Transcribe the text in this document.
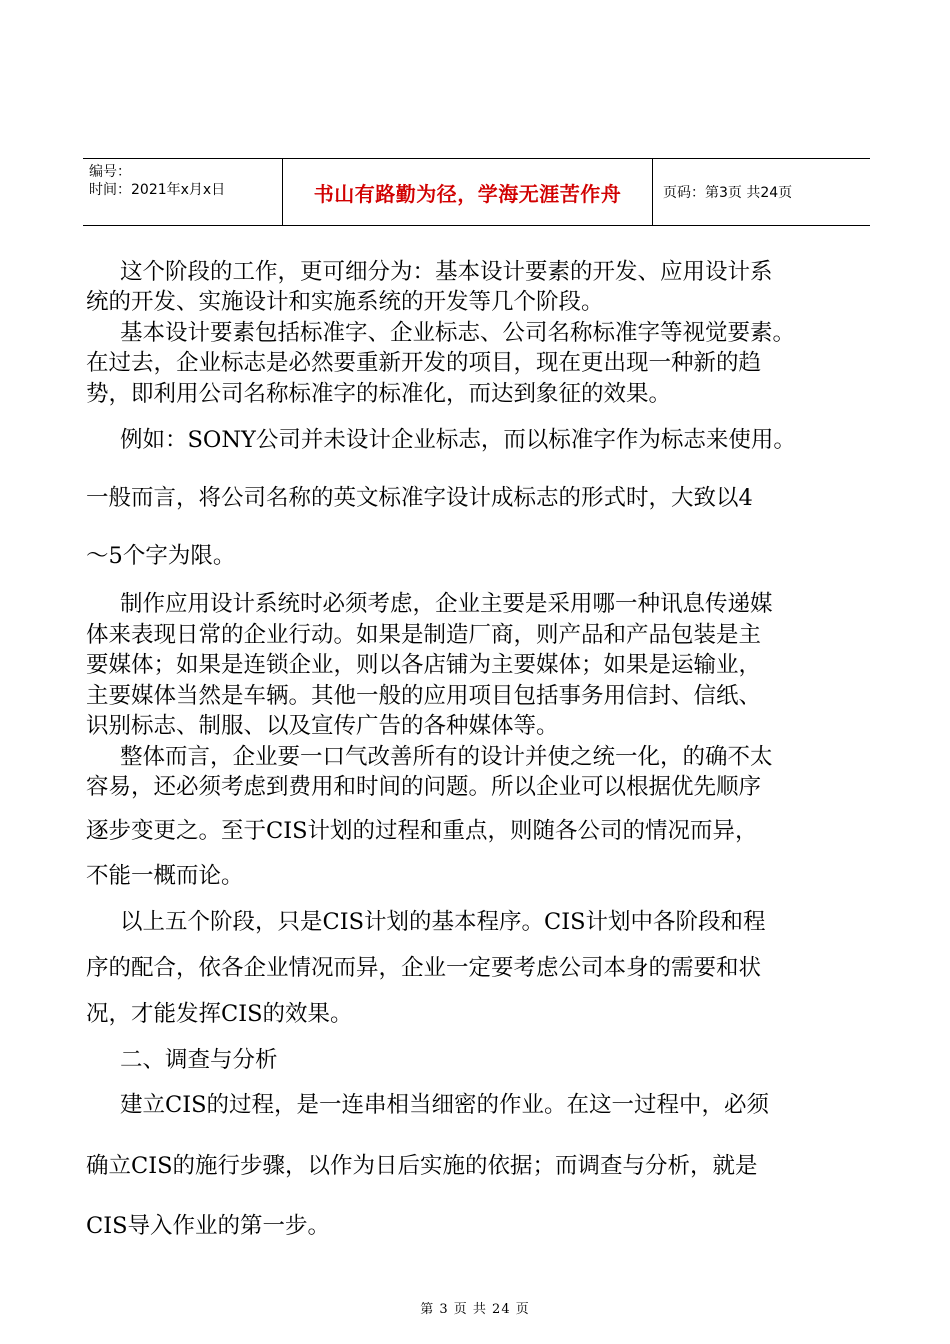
编号：
时间：2021年x月x日	书山有路勤为径，学海无涯苦作舟	页码：第3页 共24页
这个阶段的工作，更可细分为：基本设计要素的开发、应用设计系
统的开发、实施设计和实施系统的开发等几个阶段。
基本设计要素包括标准字、企业标志、公司名称标准字等视觉要素。
在过去，企业标志是必然要重新开发的项目，现在更出现一种新的趋
势，即利用公司名称标准字的标准化，而达到象征的效果。
例如：SONY公司并未设计企业标志，而以标准字作为标志来使用。
一般而言，将公司名称的英文标准字设计成标志的形式时，大致以4
～5个字为限。
制作应用设计系统时必须考虑，企业主要是采用哪一种讯息传递媒
体来表现日常的企业行动。如果是制造厂商，则产品和产品包装是主
要媒体；如果是连锁企业，则以各店铺为主要媒体；如果是运输业，
主要媒体当然是车辆。其他一般的应用项目包括事务用信封、信纸、
识别标志、制服、以及宣传广告的各种媒体等。
整体而言，企业要一口气改善所有的设计并使之统一化，的确不太
容易，还必须考虑到费用和时间的问题。所以企业可以根据优先顺序
逐步变更之。至于CIS计划的过程和重点，则随各公司的情况而异，
不能一概而论。
以上五个阶段，只是CIS计划的基本程序。CIS计划中各阶段和程
序的配合，依各企业情况而异，企业一定要考虑公司本身的需要和状
况，才能发挥CIS的效果。
二、调查与分析
建立CIS的过程，是一连串相当细密的作业。在这一过程中，必须
确立CIS的施行步骤，以作为日后实施的依据；而调查与分析，就是
CIS导入作业的第一步。
第 3 页 共 24 页
